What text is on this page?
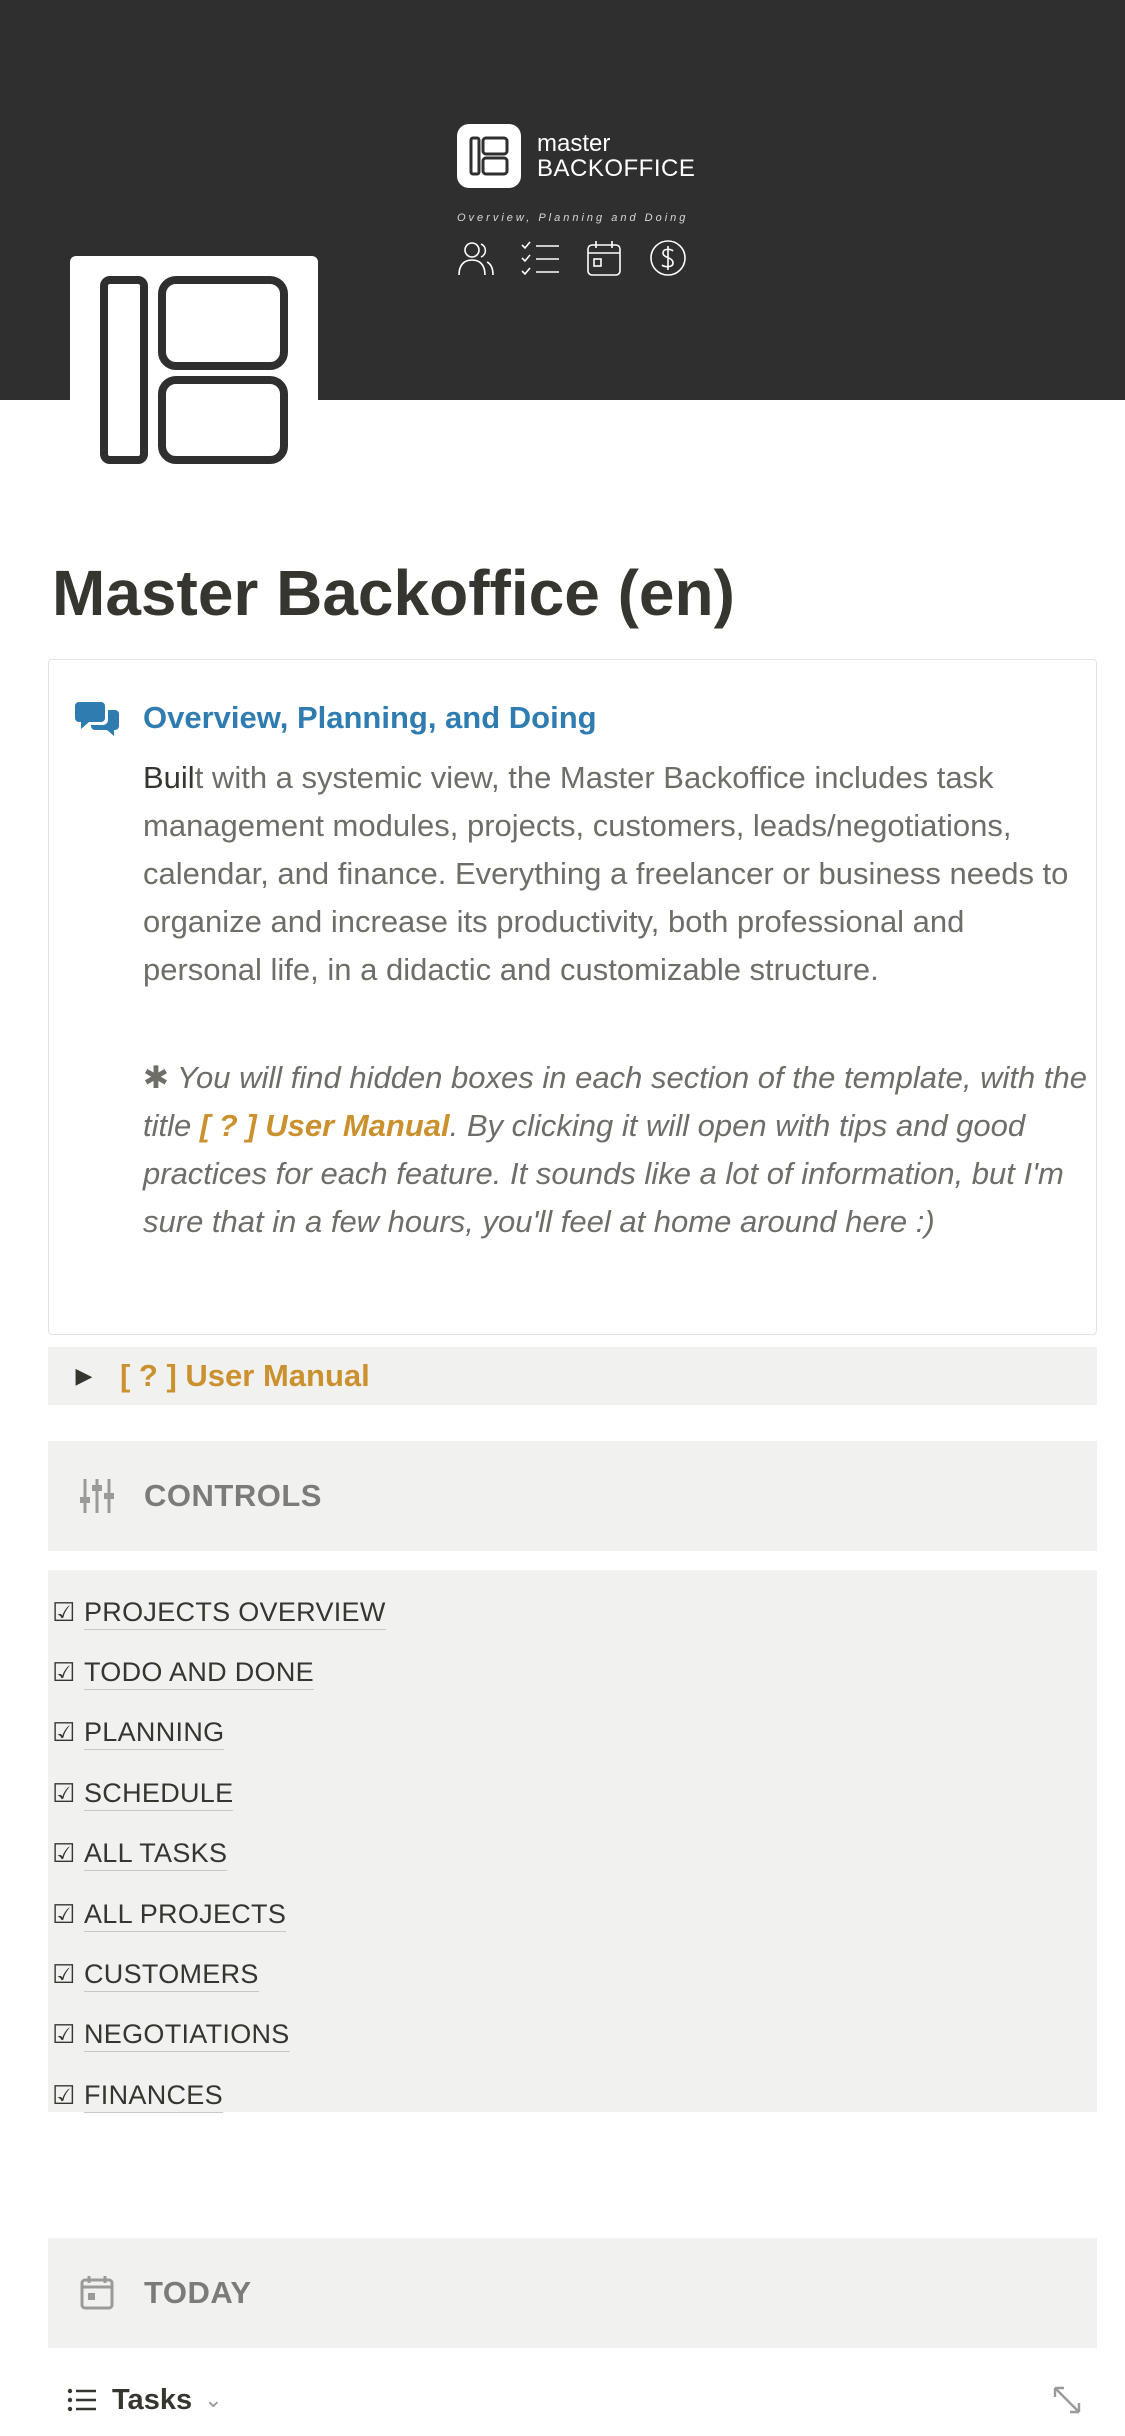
master
BACKOFFICE
Overview, Planning and Doing
Master Backoffice (en)
Overview, Planning, and Doing

Built with a systemic view, the Master Backoffice includes task management modules, projects, customers, leads/negotiations, calendar, and finance. Everything a freelancer or business needs to organize and increase its productivity, both professional and personal life, in a didactic and customizable structure.

✱ You will find hidden boxes in each section of the template, with the title [ ? ] User Manual. By clicking it will open with tips and good practices for each feature. It sounds like a lot of information, but I'm sure that in a few hours, you'll feel at home around here :)

▶ [ ? ] User Manual
CONTROLS
☑ PROJECTS OVERVIEW
☑ TODO AND DONE
☑ PLANNING
☑ SCHEDULE
☑ ALL TASKS
☑ ALL PROJECTS
☑ CUSTOMERS
☑ NEGOTIATIONS
☑ FINANCES
TODAY
Tasks ⌄
